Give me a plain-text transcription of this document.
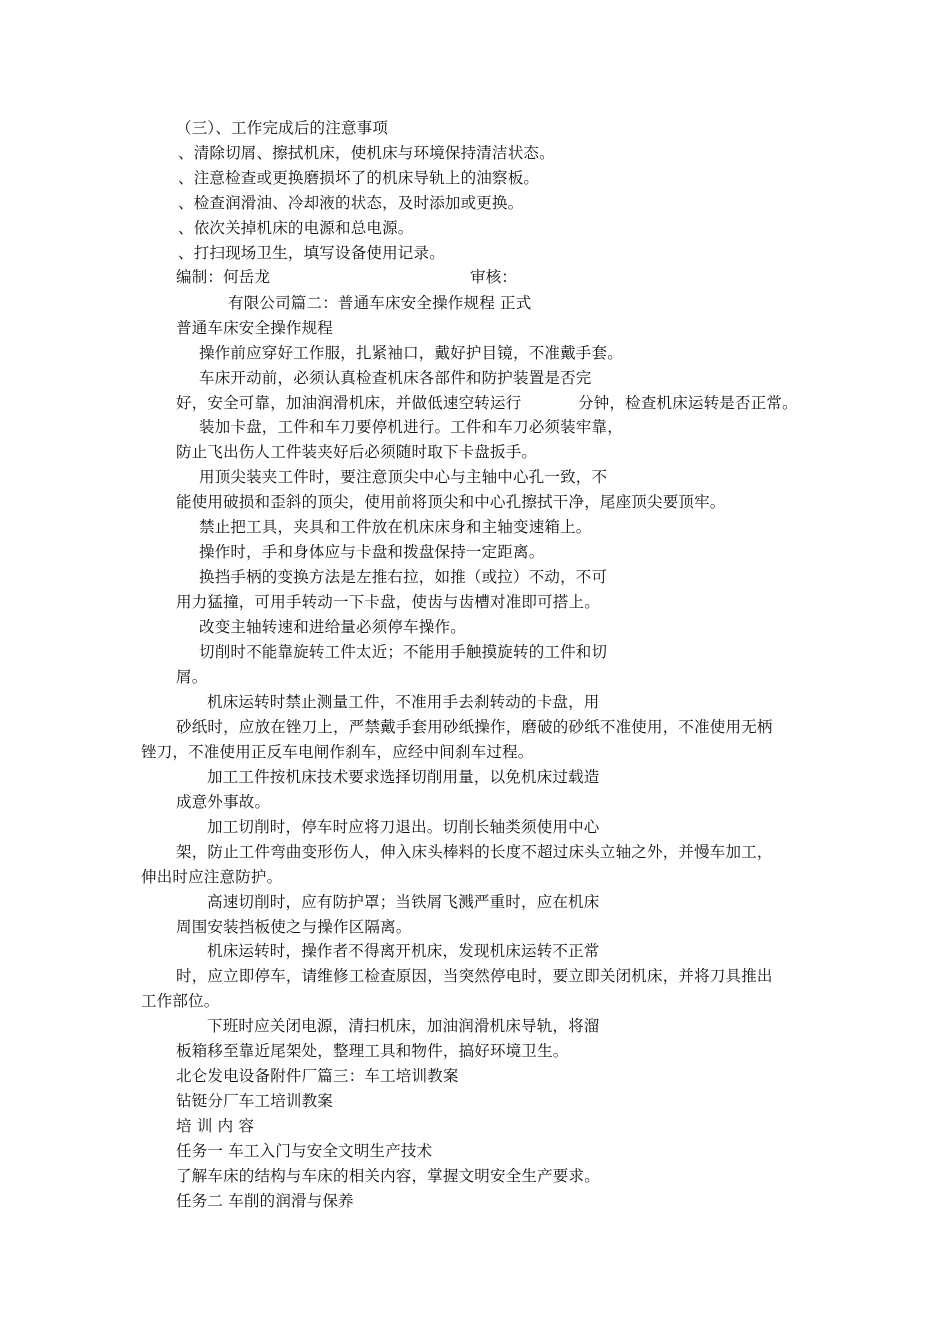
（三）、工作完成后的注意事项
、清除切屑、擦拭机床，使机床与环境保持清洁状态。
、注意检查或更换磨损坏了的机床导轨上的油察板。
、检查润滑油、冷却液的状态，及时添加或更换。
、依次关掉机床的电源和总电源。
、打扫现场卫生，填写设备使用记录。
编制：何岳龙	审核：
有限公司篇二：普通车床安全操作规程 正式
普通车床安全操作规程
操作前应穿好工作服，扎紧袖口，戴好护目镜，不准戴手套。
车床开动前，必须认真检查机床各部件和防护装置是否完
好，安全可靠，加油润滑机床，并做低速空转运行	分钟，检查机床运转是否正常。
装加卡盘，工件和车刀要停机进行。工件和车刀必须装牢靠，
防止飞出伤人工件装夹好后必须随时取下卡盘扳手。
用顶尖装夹工件时，要注意顶尖中心与主轴中心孔一致，不
能使用破损和歪斜的顶尖，使用前将顶尖和中心孔擦拭干净，尾座顶尖要顶牢。
禁止把工具，夹具和工件放在机床床身和主轴变速箱上。
操作时，手和身体应与卡盘和拨盘保持一定距离。
换挡手柄的变换方法是左推右拉，如推（或拉）不动，不可
用力猛撞，可用手转动一下卡盘，使齿与齿槽对准即可搭上。
改变主轴转速和进给量必须停车操作。
切削时不能靠旋转工件太近；不能用手触摸旋转的工件和切
屑。
机床运转时禁止测量工件，不准用手去刹转动的卡盘，用
砂纸时，应放在锉刀上，严禁戴手套用砂纸操作，磨破的砂纸不准使用，不准使用无柄
锉刀，不准使用正反车电闸作刹车，应经中间刹车过程。
加工工件按机床技术要求选择切削用量，以免机床过载造
成意外事故。
加工切削时，停车时应将刀退出。切削长轴类须使用中心
架，防止工件弯曲变形伤人，伸入床头棒料的长度不超过床头立轴之外，并慢车加工，
伸出时应注意防护。
高速切削时，应有防护罩；当铁屑飞溅严重时，应在机床
周围安装挡板使之与操作区隔离。
机床运转时，操作者不得离开机床，发现机床运转不正常
时，应立即停车，请维修工检查原因，当突然停电时，要立即关闭机床，并将刀具推出
工作部位。
下班时应关闭电源，清扫机床，加油润滑机床导轨，将溜
板箱移至靠近尾架处，整理工具和物件，搞好环境卫生。
北仑发电设备附件厂篇三：车工培训教案
钻铤分厂车工培训教案
培 训 内 容
任务一 车工入门与安全文明生产技术
了解车床的结构与车床的相关内容，掌握文明安全生产要求。
任务二 车削的润滑与保养
